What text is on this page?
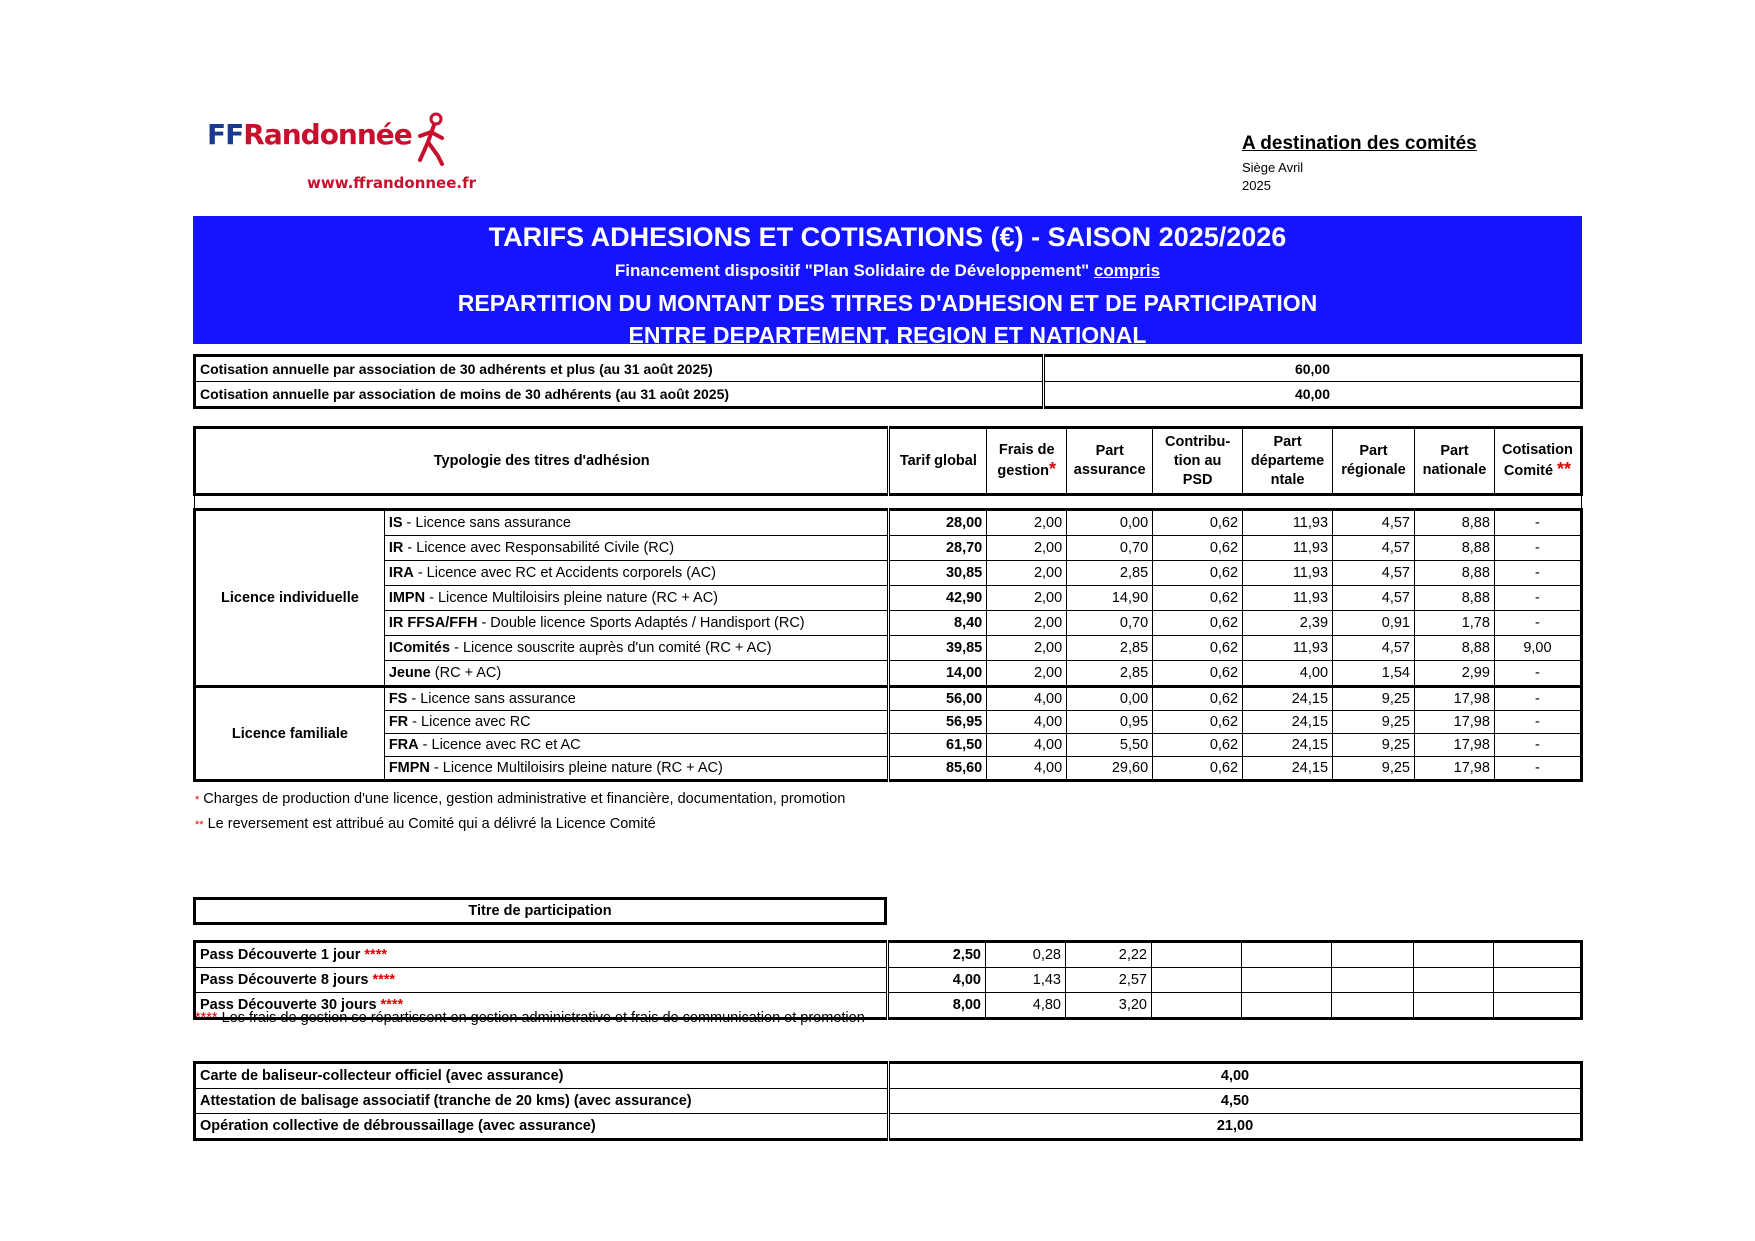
FFRandonnée
www.ffrandonnee.fr
A destination des comités
Siège Avril 2025
TARIFS ADHESIONS ET COTISATIONS (€) - SAISON 2025/2026
Financement dispositif "Plan Solidaire de Développement" compris
REPARTITION DU MONTANT DES TITRES D'ADHESION ET DE PARTICIPATION
ENTRE DEPARTEMENT, REGION ET NATIONAL
Cotisation annuelle par association de 30 adhérents et plus (au 31 août 2025)	60,00
Cotisation annuelle par association de moins de 30 adhérents (au 31 août 2025)	40,00
Typologie des titres d'adhésion		Tarif global	Frais de gestion*	Part assurance	Contribu-tion au PSD	Part départeme ntale	Part régionale	Part nationale	Cotisation Comité **

Licence individuelle	IS - Licence sans assurance	28,00	2,00	0,00	0,62	11,93	4,57	8,88	-
	IR - Licence avec Responsabilité Civile (RC)	28,70	2,00	0,70	0,62	11,93	4,57	8,88	-
	IRA - Licence avec RC et Accidents corporels (AC)	30,85	2,00	2,85	0,62	11,93	4,57	8,88	-
	IMPN - Licence Multiloisirs pleine nature (RC + AC)	42,90	2,00	14,90	0,62	11,93	4,57	8,88	-
	IR FFSA/FFH - Double licence Sports Adaptés / Handisport (RC)	8,40	2,00	0,70	0,62	2,39	0,91	1,78	-
	IComités - Licence souscrite auprès d'un comité (RC + AC)	39,85	2,00	2,85	0,62	11,93	4,57	8,88	9,00
	Jeune (RC + AC)	14,00	2,00	2,85	0,62	4,00	1,54	2,99	-
Licence familiale	FS - Licence sans assurance	56,00	4,00	0,00	0,62	24,15	9,25	17,98	-
	FR - Licence avec RC	56,95	4,00	0,95	0,62	24,15	9,25	17,98	-
	FRA - Licence avec RC et AC	61,50	4,00	5,50	0,62	24,15	9,25	17,98	-
	FMPN - Licence Multiloisirs pleine nature (RC + AC)	85,60	4,00	29,60	0,62	24,15	9,25	17,98	-
* Charges de production d'une licence, gestion administrative et financière, documentation, promotion
** Le reversement est attribué au Comité qui a délivré la Licence Comité
Titre de participation
Pass Découverte 1 jour ****	2,50	0,28	2,22					
Pass Découverte 8 jours ****	4,00	1,43	2,57					
Pass Découverte 30 jours ****	8,00	4,80	3,20					
**** Les frais de gestion se répartissent en gestion administrative et frais de communication et promotion
Carte de baliseur-collecteur officiel (avec assurance)	4,00
Attestation de balisage associatif (tranche de 20 kms) (avec assurance)	4,50
Opération collective de débroussaillage (avec assurance)	21,00
